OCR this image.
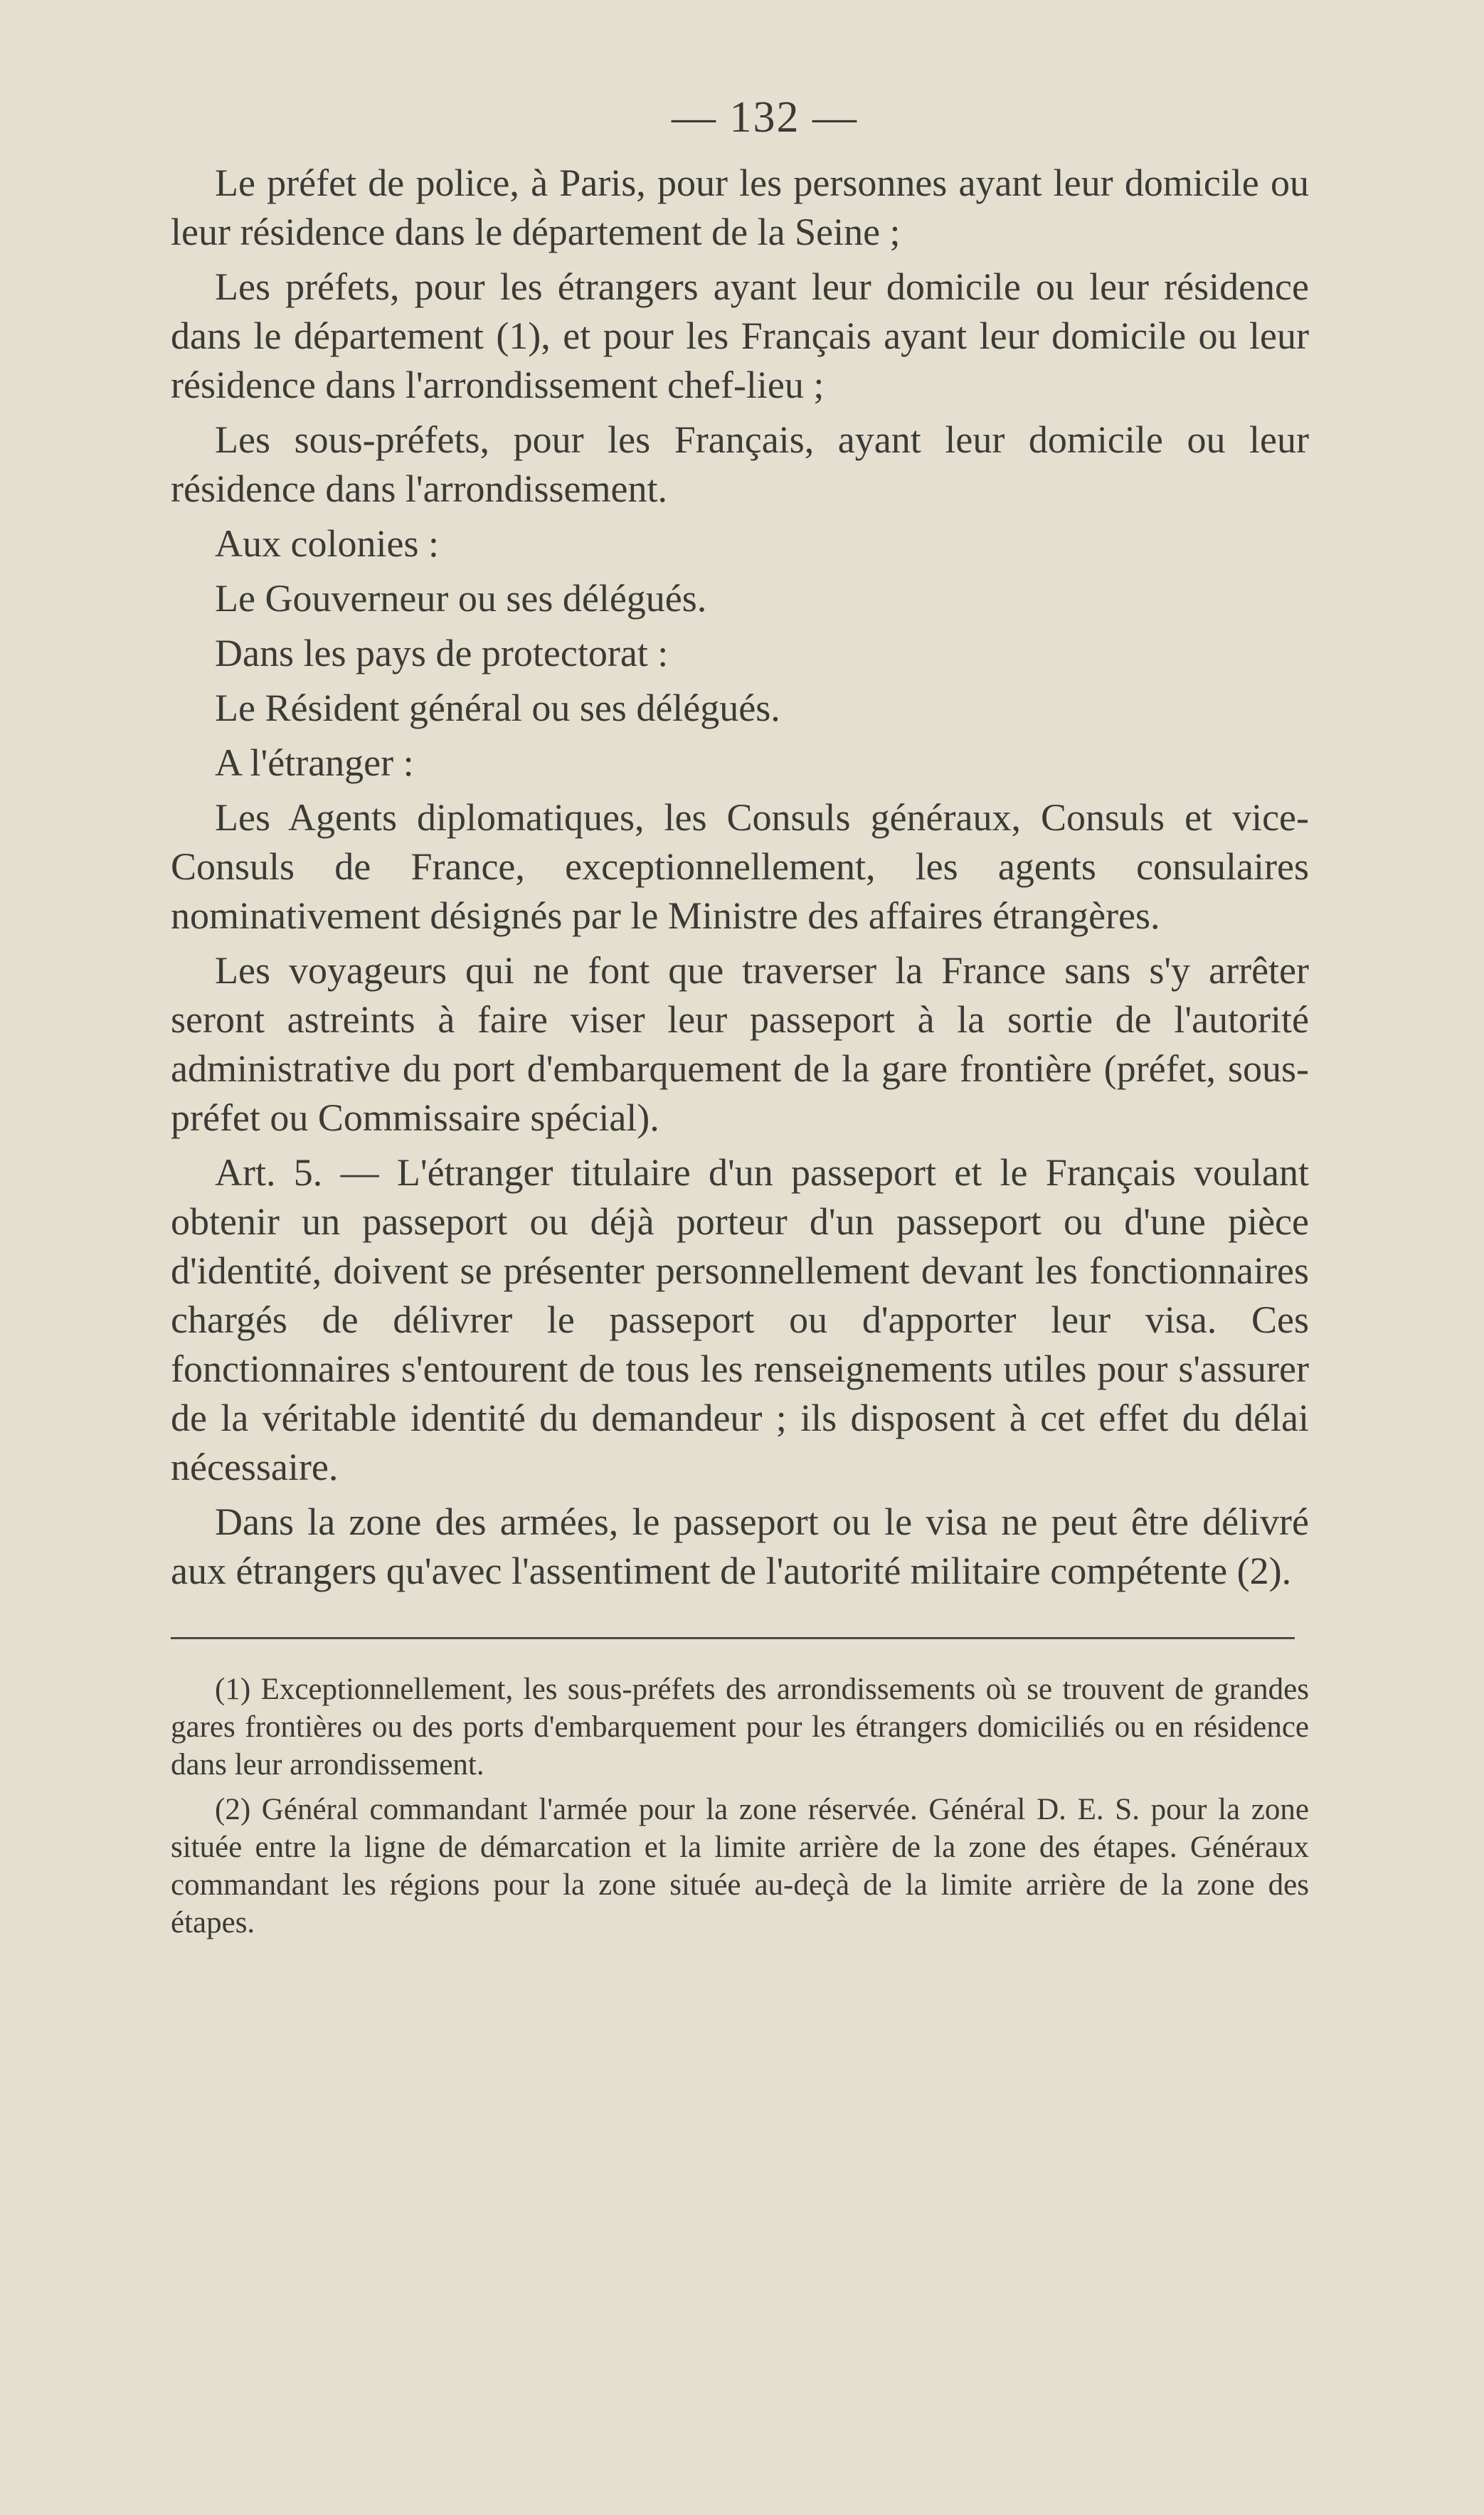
— 132 —

Le préfet de police, à Paris, pour les personnes ayant leur domicile ou leur résidence dans le département de la Seine ;

Les préfets, pour les étrangers ayant leur domicile ou leur résidence dans le département (1), et pour les Français ayant leur domicile ou leur résidence dans l'arrondissement chef-lieu ;

Les sous-préfets, pour les Français, ayant leur domicile ou leur résidence dans l'arrondissement.

Aux colonies :

Le Gouverneur ou ses délégués.

Dans les pays de protectorat :

Le Résident général ou ses délégués.

A l'étranger :

Les Agents diplomatiques, les Consuls généraux, Consuls et vice-Consuls de France, exceptionnellement, les agents consulaires nominativement désignés par le Ministre des affaires étrangères.

Les voyageurs qui ne font que traverser la France sans s'y arrêter seront astreints à faire viser leur passeport à la sortie de l'autorité administrative du port d'embarquement de la gare frontière (préfet, sous-préfet ou Commissaire spécial).

Art. 5. — L'étranger titulaire d'un passeport et le Français voulant obtenir un passeport ou déjà porteur d'un passeport ou d'une pièce d'identité, doivent se présenter personnellement devant les fonctionnaires chargés de délivrer le passeport ou d'apporter leur visa. Ces fonctionnaires s'entourent de tous les renseignements utiles pour s'assurer de la véritable identité du demandeur ; ils disposent à cet effet du délai nécessaire.

Dans la zone des armées, le passeport ou le visa ne peut être délivré aux étrangers qu'avec l'assentiment de l'autorité militaire compétente (2).

(1) Exceptionnellement, les sous-préfets des arrondissements où se trouvent de grandes gares frontières ou des ports d'embarquement pour les étrangers domiciliés ou en résidence dans leur arrondissement.

(2) Général commandant l'armée pour la zone réservée. Général D. E. S. pour la zone située entre la ligne de démarcation et la limite arrière de la zone des étapes. Généraux commandant les régions pour la zone située au-deçà de la limite arrière de la zone des étapes.
